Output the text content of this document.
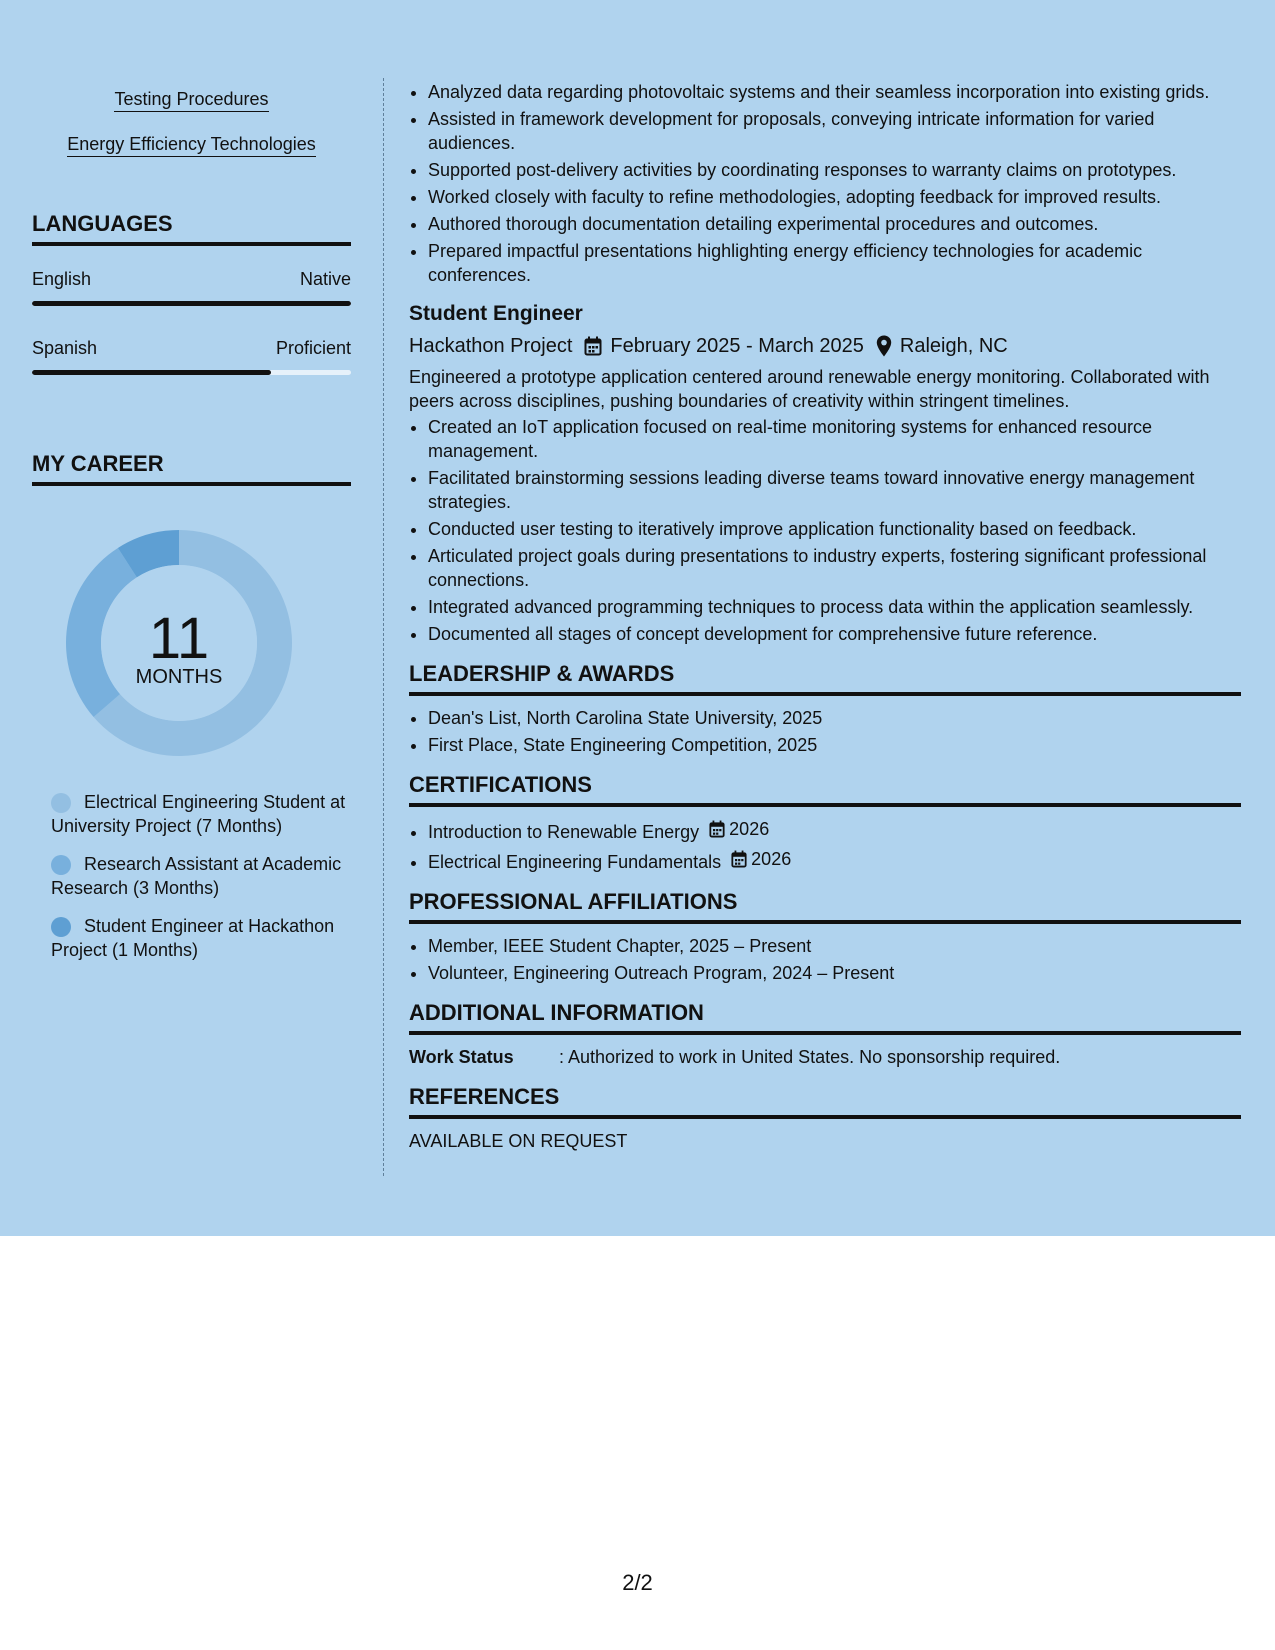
Testing Procedures
Energy Efficiency Technologies
LANGUAGES
English	Native
Spanish	Proficient
MY CAREER
11
MONTHS
Electrical Engineering Student at University Project (7 Months)
Research Assistant at Academic Research (3 Months)
Student Engineer at Hackathon Project (1 Months)
• Analyzed data regarding photovoltaic systems and their seamless incorporation into existing grids.
• Assisted in framework development for proposals, conveying intricate information for varied audiences.
• Supported post-delivery activities by coordinating responses to warranty claims on prototypes.
• Worked closely with faculty to refine methodologies, adopting feedback for improved results.
• Authored thorough documentation detailing experimental procedures and outcomes.
• Prepared impactful presentations highlighting energy efficiency technologies for academic conferences.
Student Engineer
Hackathon Project February 2025 - March 2025 Raleigh, NC
Engineered a prototype application centered around renewable energy monitoring. Collaborated with peers across disciplines, pushing boundaries of creativity within stringent timelines.
• Created an IoT application focused on real-time monitoring systems for enhanced resource management.
• Facilitated brainstorming sessions leading diverse teams toward innovative energy management strategies.
• Conducted user testing to iteratively improve application functionality based on feedback.
• Articulated project goals during presentations to industry experts, fostering significant professional connections.
• Integrated advanced programming techniques to process data within the application seamlessly.
• Documented all stages of concept development for comprehensive future reference.
LEADERSHIP & AWARDS
• Dean's List, North Carolina State University, 2025
• First Place, State Engineering Competition, 2025
CERTIFICATIONS
• Introduction to Renewable Energy 2026
• Electrical Engineering Fundamentals 2026
PROFESSIONAL AFFILIATIONS
• Member, IEEE Student Chapter, 2025 – Present
• Volunteer, Engineering Outreach Program, 2024 – Present
ADDITIONAL INFORMATION
Work Status	: Authorized to work in United States. No sponsorship required.
REFERENCES
AVAILABLE ON REQUEST
2/2
